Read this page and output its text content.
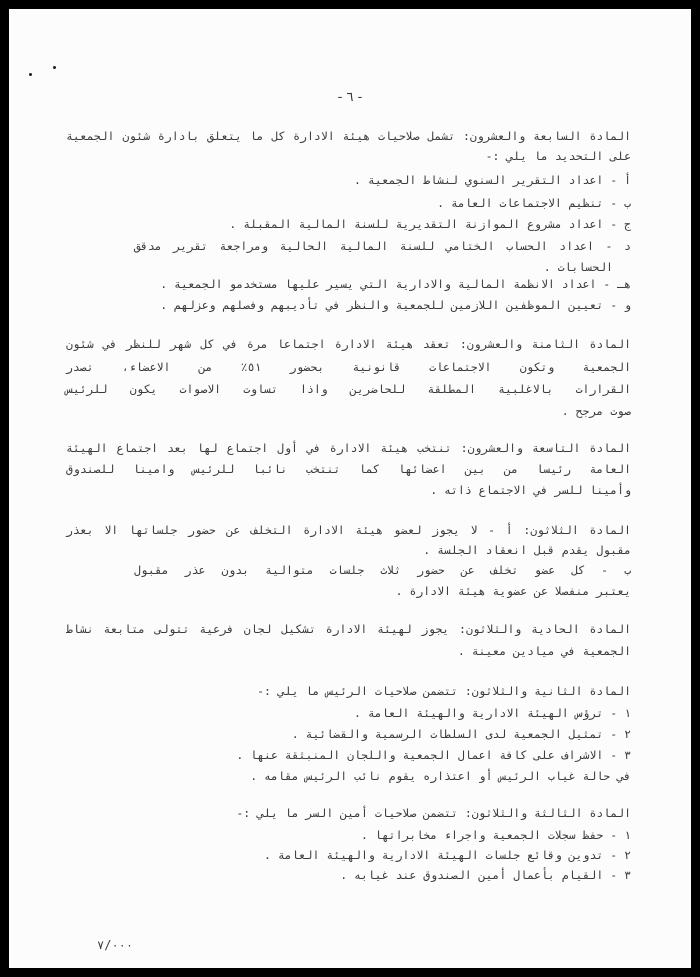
- ٦ -
المادة السابعة والعشرون: تشمل صلاحيات هيئة الادارة كل ما يتعلق بادارة شئون الجمعية
على التحديد ما يلي :-
أ - اعداد التقرير السنوي لنشاط الجمعية .
ب - تنظيم الاجتماعات العامة .
ج - اعداد مشروع الموازنة التقديرية للسنة المالية المقبلة .
د - اعداد الحساب الختامي للسنة المالية الحالية ومراجعة تقرير مدقق
الحسابات .
هـ - اعداد الانظمة المالية والادارية التي يسير عليها مستخدمو الجمعية .
و - تعيين الموظفين اللازمين للجمعية والنظر في تأديبهم وفصلهم وعزلهم .
المادة الثامنة والعشرون: تعقد هيئة الادارة اجتماعا مرة في كل شهر للنظر في شئون
الجمعية وتكون الاجتماعات قانونية بحضور ٥١٪ من الاعضاء، تصدر
القرارات بالاغلبية المطلقة للحاضرين واذا تساوت الاصوات يكون للرئيس
صوت مرجح .
المادة التاسعة والعشرون: تنتخب هيئة الادارة في أول اجتماع لها بعد اجتماع الهيئة
العامة رئيسا من بين اعضائها كما تنتخب نائبا للرئيس وامينا للصندوق
وأمينا للسر في الاجتماع ذاته .
المادة الثلاثون: أ - لا يجوز لعضو هيئة الادارة التخلف عن حضور جلساتها الا بعذر
مقبول يقدم قبل انعقاد الجلسة .
ب - كل عضو تخلف عن حضور ثلاث جلسات متوالية بدون عذر مقبول
يعتبر منفصلا عن عضوية هيئة الادارة .
المادة الحادية والثلاثون: يجوز لهيئة الادارة تشكيل لجان فرعية تتولى متابعة نشاط
الجمعية في ميادين معينة .
المادة الثانية والثلاثون: تتضمن صلاحيات الرئيس ما يلي :-
١ - ترؤس الهيئة الادارية والهيئة العامة .
٢ - تمثيل الجمعية لدى السلطات الرسمية والقضائية .
٣ - الاشراف على كافة اعمال الجمعية واللجان المنبثقة عنها .
في حالة غياب الرئيس أو اعتذاره يقوم نائب الرئيس مقامه .
المادة الثالثة والثلاثون: تتضمن صلاحيات أمين السر ما يلي :-
١ - حفظ سجلات الجمعية واجراء مخابراتها .
٢ - تدوين وقائع جلسات الهيئة الادارية والهيئة العامة .
٣ - القيام بأعمال أمين الصندوق عند غيابه .
٧/٠٠٠
